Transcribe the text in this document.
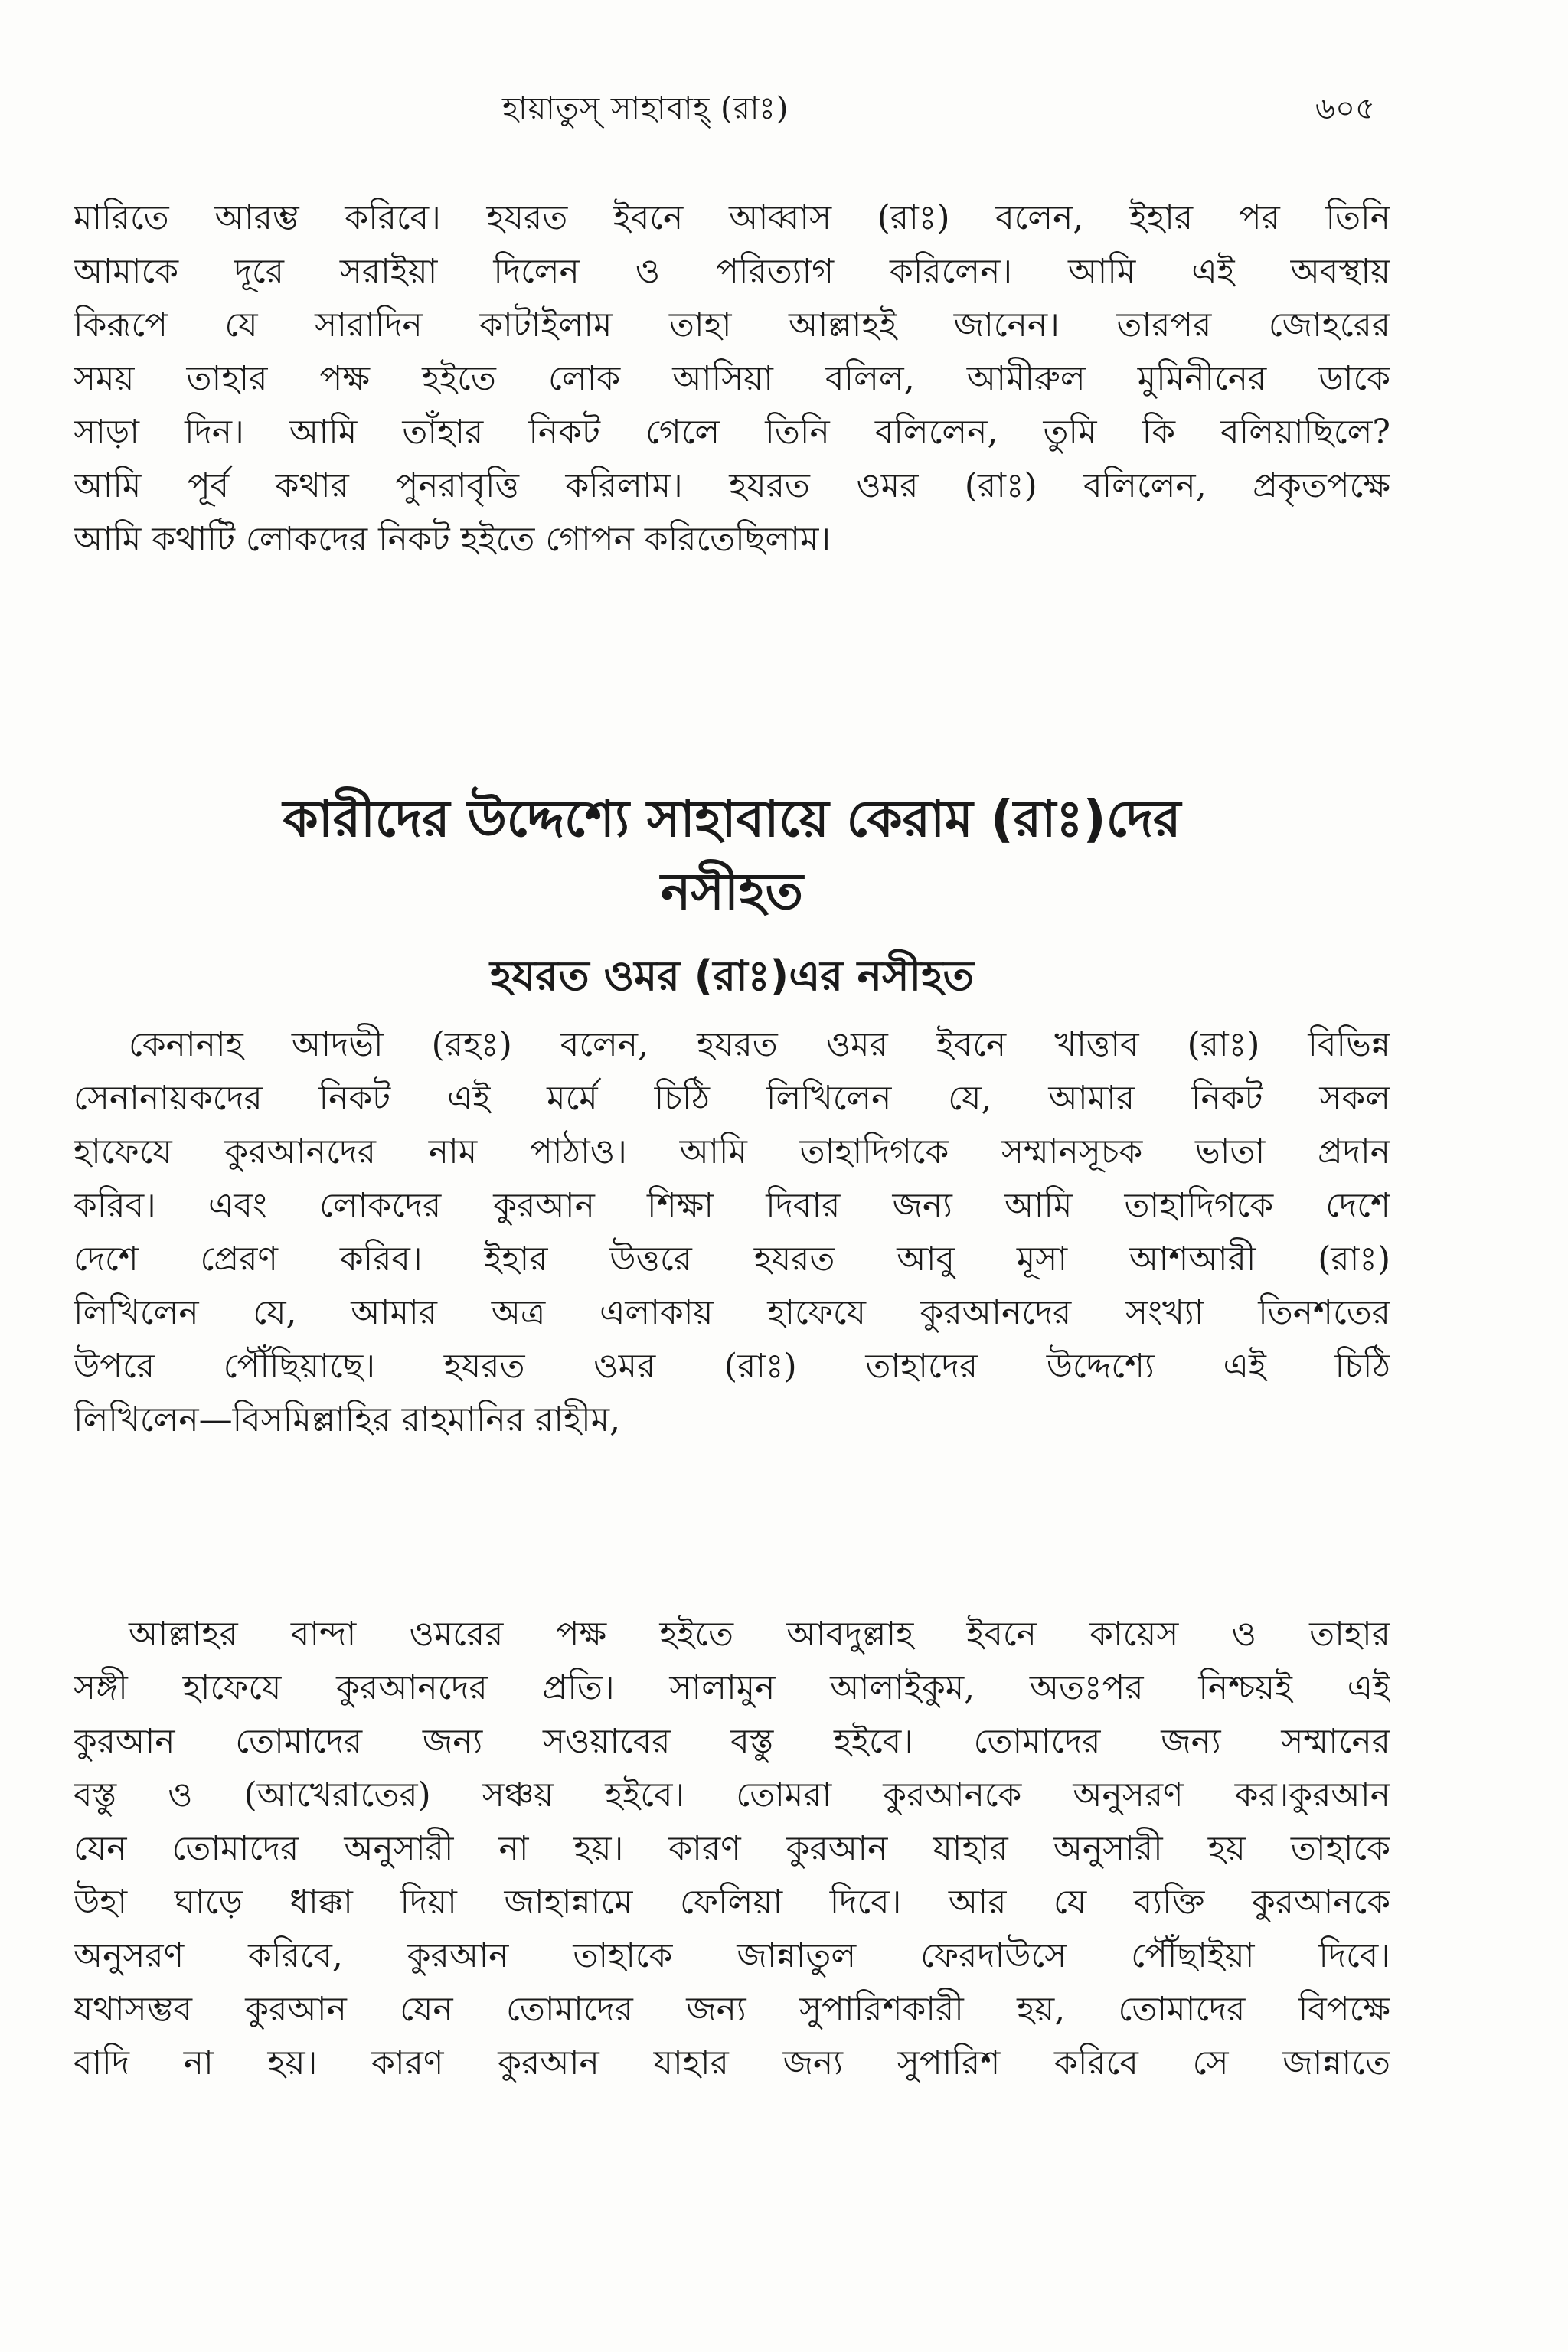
হায়াতুস্ সাহাবাহ্ (রাঃ)	৬০৫
মারিতে আরম্ভ করিবে। হযরত ইবনে আব্বাস (রাঃ) বলেন, ইহার পর তিনি
আমাকে দূরে সরাইয়া দিলেন ও পরিত্যাগ করিলেন। আমি এই অবস্থায়
কিরূপে যে সারাদিন কাটাইলাম তাহা আল্লাহই জানেন। তারপর জোহরের
সময় তাহার পক্ষ হইতে লোক আসিয়া বলিল, আমীরুল মুমিনীনের ডাকে
সাড়া দিন। আমি তাঁহার নিকট গেলে তিনি বলিলেন, তুমি কি বলিয়াছিলে?
আমি পূর্ব কথার পুনরাবৃত্তি করিলাম। হযরত ওমর (রাঃ) বলিলেন, প্রকৃতপক্ষে
আমি কথাটি লোকদের নিকট হইতে গোপন করিতেছিলাম।
কারীদের উদ্দেশ্যে সাহাবায়ে কেরাম (রাঃ)দের
নসীহত
হযরত ওমর (রাঃ)এর নসীহত
কেনানাহ আদভী (রহঃ) বলেন, হযরত ওমর ইবনে খাত্তাব (রাঃ) বিভিন্ন
সেনানায়কদের নিকট এই মর্মে চিঠি লিখিলেন যে, আমার নিকট সকল
হাফেযে কুরআনদের নাম পাঠাও। আমি তাহাদিগকে সম্মানসূচক ভাতা প্রদান
করিব। এবং লোকদের কুরআন শিক্ষা দিবার জন্য আমি তাহাদিগকে দেশে
দেশে প্রেরণ করিব। ইহার উত্তরে হযরত আবু মূসা আশআরী (রাঃ)
লিখিলেন যে, আমার অত্র এলাকায় হাফেযে কুরআনদের সংখ্যা তিনশতের
উপরে পৌঁছিয়াছে। হযরত ওমর (রাঃ) তাহাদের উদ্দেশ্যে এই চিঠি
লিখিলেন—বিসমিল্লাহির রাহমানির রাহীম,
আল্লাহর বান্দা ওমরের পক্ষ হইতে আবদুল্লাহ ইবনে কায়েস ও তাহার
সঙ্গী হাফেযে কুরআনদের প্রতি। সালামুন আলাইকুম, অতঃপর নিশ্চয়ই এই
কুরআন তোমাদের জন্য সওয়াবের বস্তু হইবে। তোমাদের জন্য সম্মানের
বস্তু ও (আখেরাতের) সঞ্চয় হইবে। তোমরা কুরআনকে অনুসরণ কর।কুরআন
যেন তোমাদের অনুসারী না হয়। কারণ কুরআন যাহার অনুসারী হয় তাহাকে
উহা ঘাড়ে ধাক্কা দিয়া জাহান্নামে ফেলিয়া দিবে। আর যে ব্যক্তি কুরআনকে
অনুসরণ করিবে, কুরআন তাহাকে জান্নাতুল ফেরদাউসে পৌঁছাইয়া দিবে।
যথাসম্ভব কুরআন যেন তোমাদের জন্য সুপারিশকারী হয়, তোমাদের বিপক্ষে
বাদি না হয়। কারণ কুরআন যাহার জন্য সুপারিশ করিবে সে জান্নাতে
